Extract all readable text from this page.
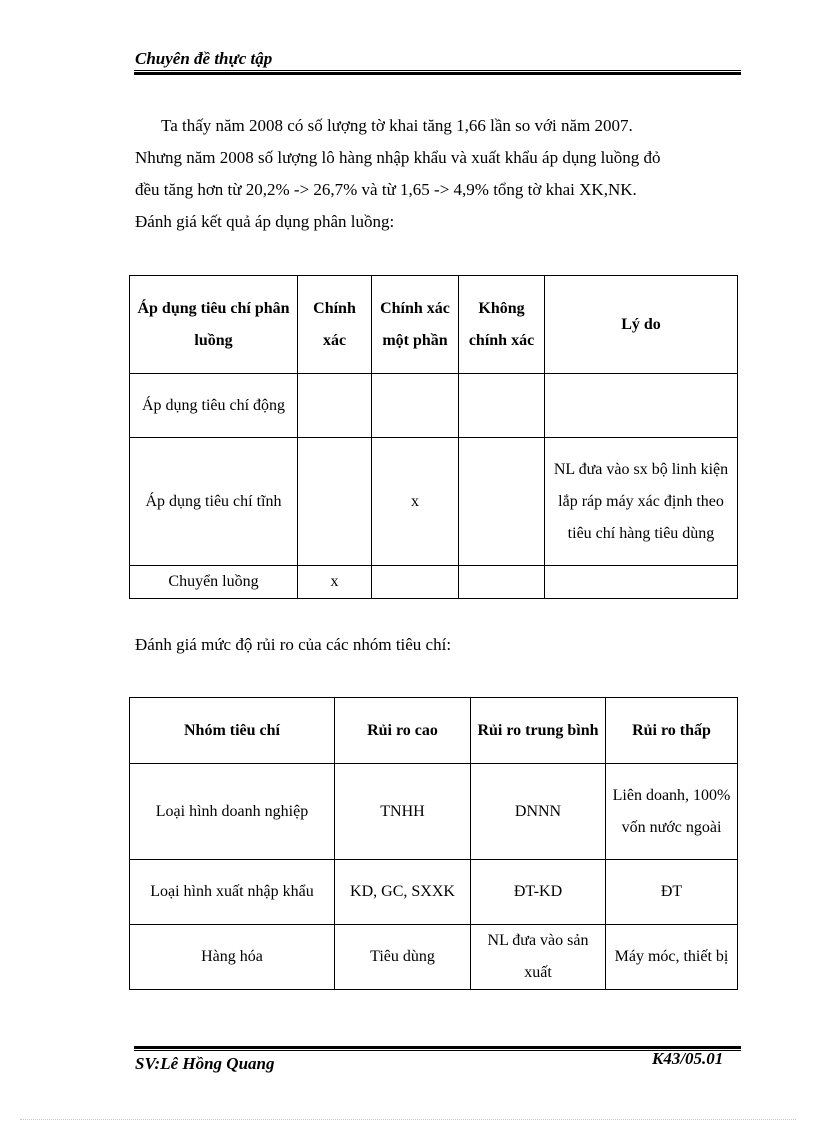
Chuyên đề thực tập

Ta thấy năm 2008 có số lượng tờ khai tăng 1,66 lần so với năm 2007.

Nhưng năm 2008 số lượng lô hàng nhập khẩu và xuất khẩu áp dụng luồng đỏ

đều tăng hơn từ 20,2% -> 26,7% và từ 1,65 -> 4,9% tổng tờ khai XK,NK.

Đánh giá kết quả áp dụng phân luồng:

Áp dụng tiêu chí phân luồng	Chính xác	Chính xác một phần	Không chính xác	Lý do
Áp dụng tiêu chí động				
Áp dụng tiêu chí tĩnh		x		NL đưa vào sx bộ linh kiện lắp ráp máy xác định theo tiêu chí hàng tiêu dùng
Chuyển luồng	x			
Đánh giá mức độ rủi ro của các nhóm tiêu chí:
Nhóm tiêu chí	Rủi ro cao	Rủi ro trung bình	Rủi ro thấp
Loại hình doanh nghiệp	TNHH	DNNN	Liên doanh, 100% vốn nước ngoài
Loại hình xuất nhập khẩu	KD, GC, SXXK	ĐT-KD	ĐT
Hàng hóa	Tiêu dùng	NL đưa vào sản xuất	Máy móc, thiết bị
SV:Lê Hồng Quang	K43/05.01
